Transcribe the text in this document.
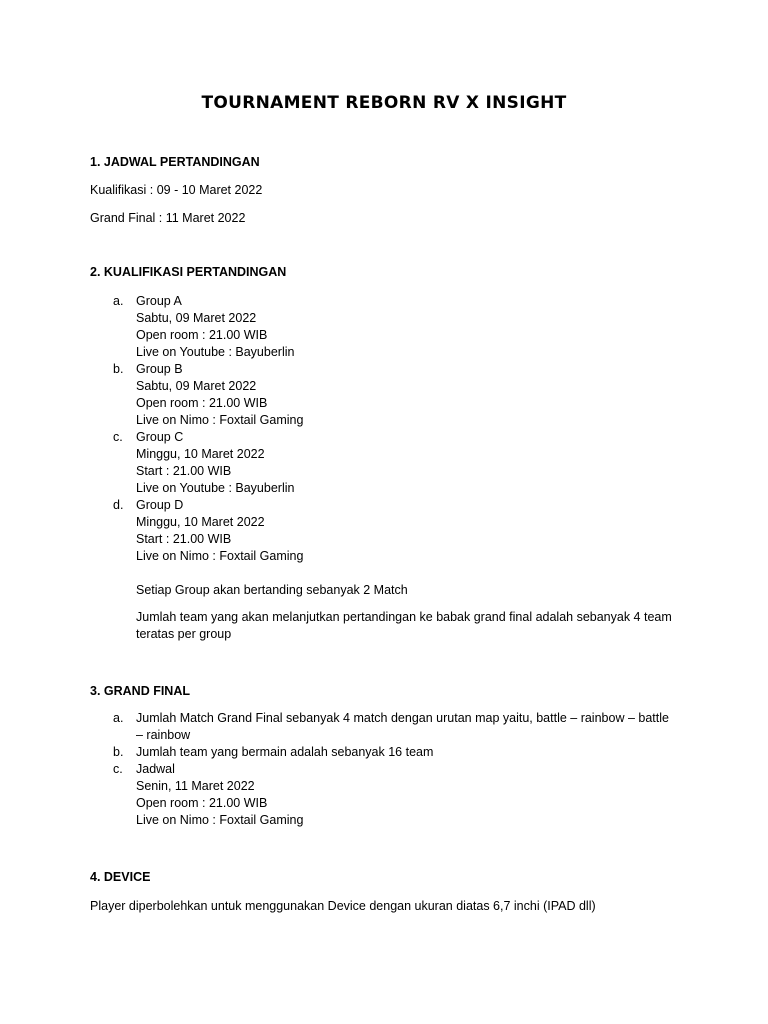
TOURNAMENT REBORN RV X INSIGHT
1. JADWAL PERTANDINGAN
Kualifikasi : 09 - 10 Maret 2022
Grand Final : 11 Maret 2022
2. KUALIFIKASI PERTANDINGAN
a. Group A
Sabtu, 09 Maret 2022
Open room : 21.00 WIB
Live on Youtube : Bayuberlin
b. Group B
Sabtu, 09 Maret 2022
Open room : 21.00 WIB
Live on Nimo : Foxtail Gaming
c. Group C
Minggu, 10 Maret 2022
Start : 21.00 WIB
Live on Youtube : Bayuberlin
d. Group D
Minggu, 10 Maret 2022
Start : 21.00 WIB
Live on Nimo : Foxtail Gaming
Setiap Group akan bertanding sebanyak 2 Match
Jumlah team yang akan melanjutkan pertandingan ke babak grand final adalah sebanyak 4 team
teratas per group
3. GRAND FINAL
a. Jumlah Match Grand Final sebanyak 4 match dengan urutan map yaitu, battle – rainbow – battle
– rainbow
b. Jumlah team yang bermain adalah sebanyak 16 team
c. Jadwal
Senin, 11 Maret 2022
Open room : 21.00 WIB
Live on Nimo : Foxtail Gaming
4. DEVICE
Player diperbolehkan untuk menggunakan Device dengan ukuran diatas 6,7 inchi (IPAD dll)
